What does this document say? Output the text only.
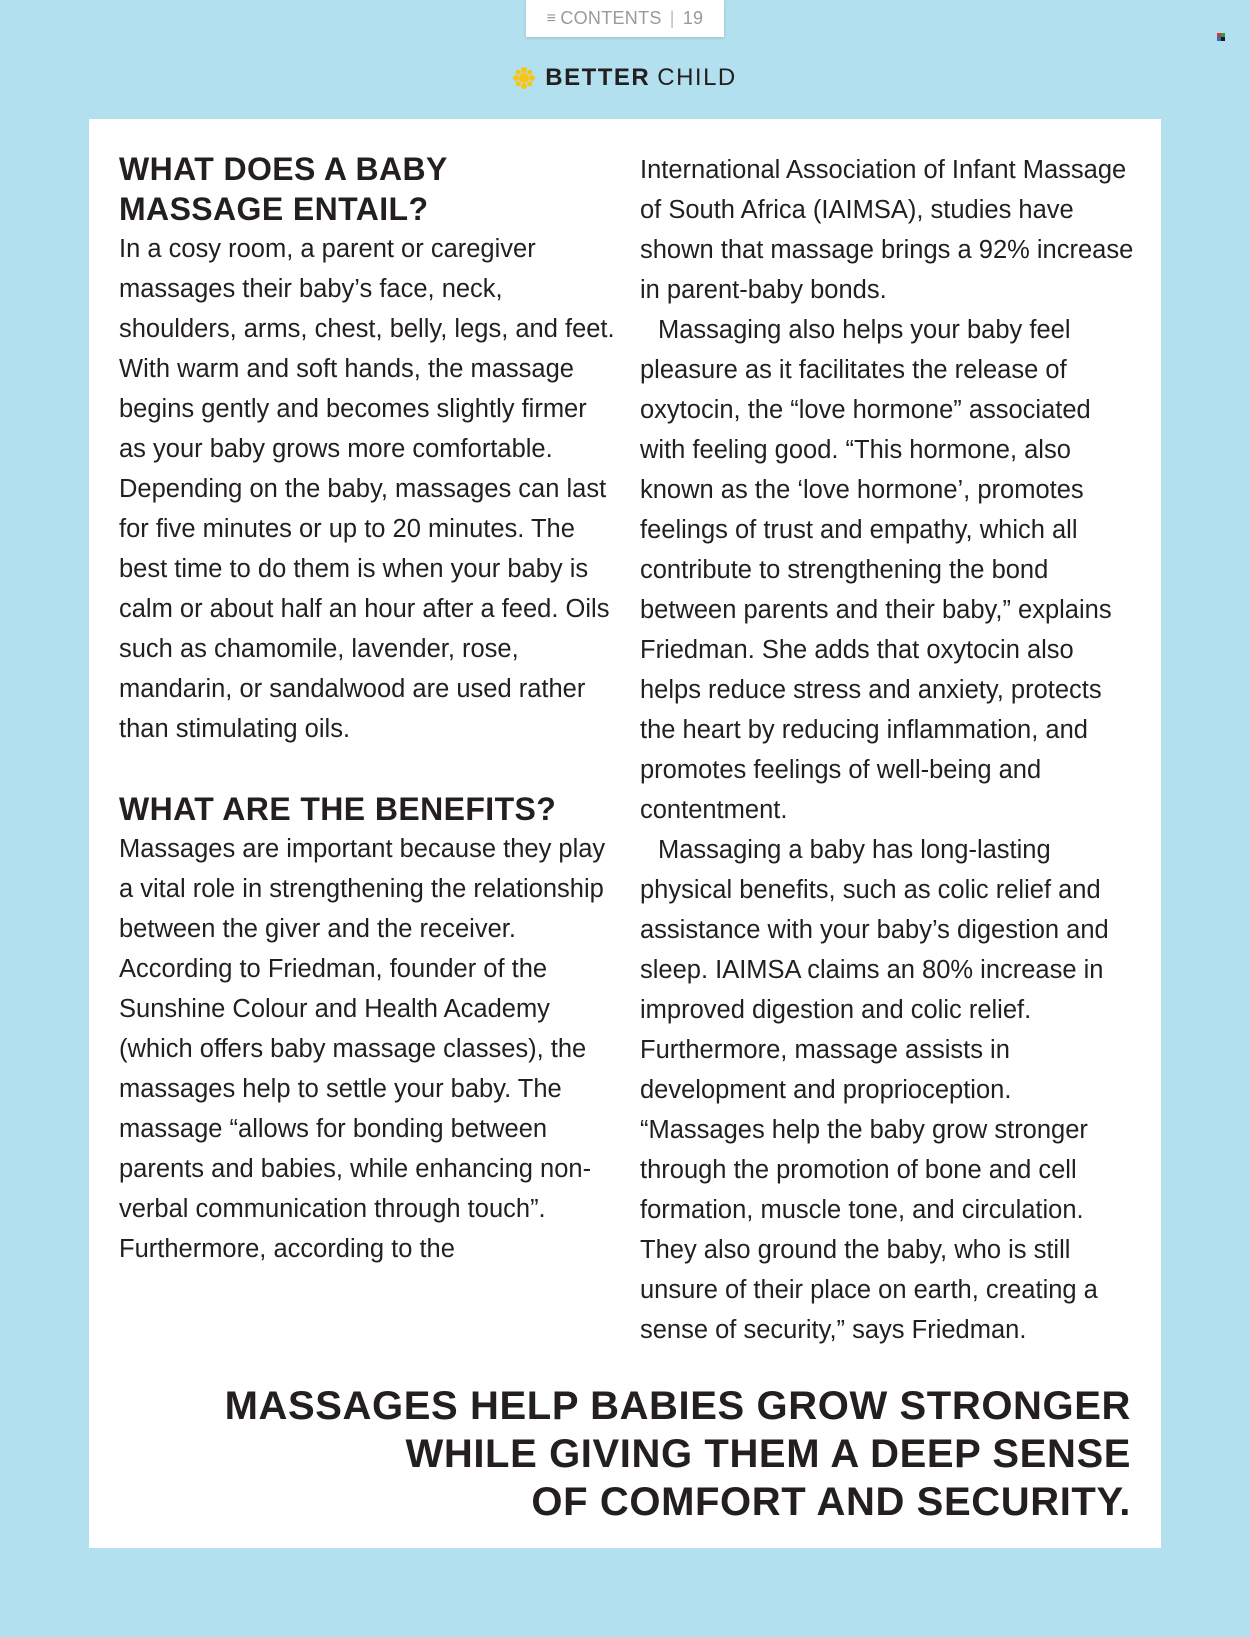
≡ CONTENTS | 19
BETTER CHILD
WHAT DOES A BABY MASSAGE ENTAIL?

In a cosy room, a parent or caregiver massages their baby’s face, neck, shoulders, arms, chest, belly, legs, and feet. With warm and soft hands, the massage begins gently and becomes slightly firmer as your baby grows more comfortable. Depending on the baby, massages can last for five minutes or up to 20 minutes. The best time to do them is when your baby is calm or about half an hour after a feed. Oils such as chamomile, lavender, rose, mandarin, or sandalwood are used rather than stimulating oils.

WHAT ARE THE BENEFITS?

Massages are important because they play a vital role in strengthening the relationship between the giver and the receiver. According to Friedman, founder of the Sunshine Colour and Health Academy (which offers baby massage classes), the massages help to settle your baby. The massage “allows for bonding between parents and babies, while enhancing non-verbal communication through touch”. Furthermore, according to the

International Association of Infant Massage of South Africa (IAIMSA), studies have shown that massage brings a 92% increase in parent-baby bonds.

Massaging also helps your baby feel pleasure as it facilitates the release of oxytocin, the “love hormone” associated with feeling good. “This hormone, also known as the ‘love hormone’, promotes feelings of trust and empathy, which all contribute to strengthening the bond between parents and their baby,” explains Friedman. She adds that oxytocin also helps reduce stress and anxiety, protects the heart by reducing inflammation, and promotes feelings of well-being and contentment.

Massaging a baby has long-lasting physical benefits, such as colic relief and assistance with your baby’s digestion and sleep. IAIMSA claims an 80% increase in improved digestion and colic relief. Furthermore, massage assists in development and proprioception. “Massages help the baby grow stronger through the promotion of bone and cell formation, muscle tone, and circulation. They also ground the baby, who is still unsure of their place on earth, creating a sense of security,” says Friedman.

MASSAGES HELP BABIES GROW STRONGER
WHILE GIVING THEM A DEEP SENSE
OF COMFORT AND SECURITY.
